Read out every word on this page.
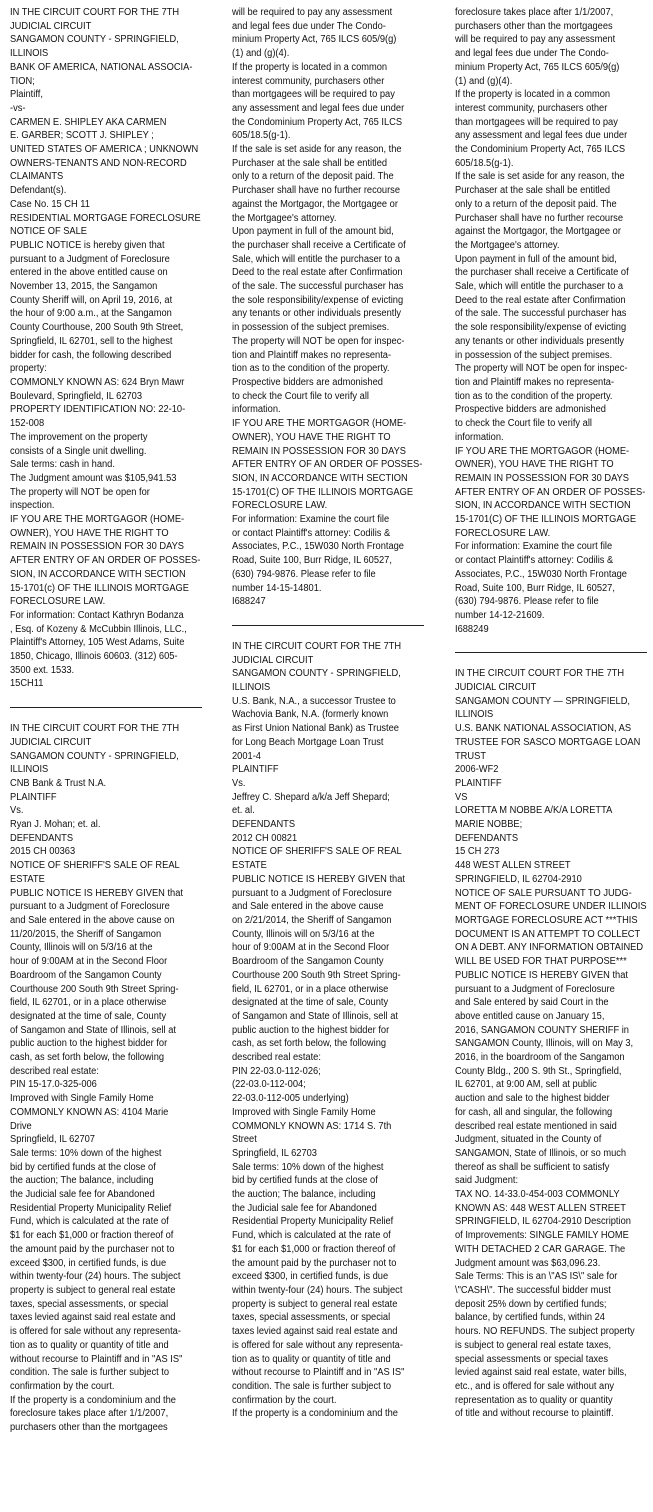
IN THE CIRCUIT COURT FOR THE 7TH

JUDICIAL CIRCUIT

SANGAMON COUNTY - SPRINGFIELD,

ILLINOIS

BANK OF AMERICA, NATIONAL ASSOCIA-

TION;

Plaintiff,

-vs-

CARMEN E. SHIPLEY AKA CARMEN

E. GARBER; SCOTT J. SHIPLEY ;

UNITED STATES OF AMERICA ; UNKNOWN

OWNERS-TENANTS AND NON-RECORD

CLAIMANTS

Defendant(s).

Case No. 15 CH 11

RESIDENTIAL MORTGAGE FORECLOSURE

NOTICE OF SALE

PUBLIC NOTICE is hereby given that

pursuant to a Judgment of Foreclosure

entered in the above entitled cause on

November 13, 2015, the Sangamon

County Sheriff will, on April 19, 2016, at

the hour of 9:00 a.m., at the Sangamon

County Courthouse, 200 South 9th Street,

Springfield, IL 62701, sell to the highest

bidder for cash, the following described

property:

COMMONLY KNOWN AS: 624 Bryn Mawr

Boulevard, Springfield, IL 62703

PROPERTY IDENTIFICATION NO: 22-10-

152-008

The improvement on the property

consists of a Single unit dwelling.

Sale terms: cash in hand.

The Judgment amount was $105,941.53

The property will NOT be open for

inspection.

IF YOU ARE THE MORTGAGOR (HOME-

OWNER), YOU HAVE THE RIGHT TO

REMAIN IN POSSESSION FOR 30 DAYS

AFTER ENTRY OF AN ORDER OF POSSES-

SION, IN ACCORDANCE WITH SECTION

15-1701(c) OF THE ILLINOIS MORTGAGE

FORECLOSURE LAW.

For information: Contact Kathryn Bodanza

, Esq. of Kozeny & McCubbin Illinois, LLC.,

Plaintiff's Attorney, 105 West Adams, Suite

1850, Chicago, Illinois 60603. (312) 605-

3500 ext. 1533.

15CH11

IN THE CIRCUIT COURT FOR THE 7TH

JUDICIAL CIRCUIT

SANGAMON COUNTY - SPRINGFIELD,

ILLINOIS

CNB Bank & Trust N.A.

PLAINTIFF

Vs.

Ryan J. Mohan; et. al.

DEFENDANTS

2015 CH 00363

NOTICE OF SHERIFF'S SALE OF REAL

ESTATE

PUBLIC NOTICE IS HEREBY GIVEN that

pursuant to a Judgment of Foreclosure

and Sale entered in the above cause on

11/20/2015, the Sheriff of Sangamon

County, Illinois will on 5/3/16 at the

hour of 9:00AM at in the Second Floor

Boardroom of the Sangamon County

Courthouse 200 South 9th Street Spring-

field, IL 62701, or in a place otherwise

designated at the time of sale, County

of Sangamon and State of Illinois, sell at

public auction to the highest bidder for

cash, as set forth below, the following

described real estate:

PIN 15-17.0-325-006

Improved with Single Family Home

COMMONLY KNOWN AS: 4104 Marie

Drive

Springfield, IL 62707

Sale terms: 10% down of the highest

bid by certified funds at the close of

the auction; The balance, including

the Judicial sale fee for Abandoned

Residential Property Municipality Relief

Fund, which is calculated at the rate of

$1 for each $1,000 or fraction thereof of

the amount paid by the purchaser not to

exceed $300, in certified funds, is due

within twenty-four (24) hours. The subject

property is subject to general real estate

taxes, special assessments, or special

taxes levied against said real estate and

is offered for sale without any representa-

tion as to quality or quantity of title and

without recourse to Plaintiff and in "AS IS"

condition. The sale is further subject to

confirmation by the court.

If the property is a condominium and the

foreclosure takes place after 1/1/2007,

purchasers other than the mortgagees

will be required to pay any assessment

and legal fees due under The Condo-

minium Property Act, 765 ILCS 605/9(g)

(1) and (g)(4).

If the property is located in a common

interest community, purchasers other

than mortgagees will be required to pay

any assessment and legal fees due under

the Condominium Property Act, 765 ILCS

605/18.5(g-1).

If the sale is set aside for any reason, the

Purchaser at the sale shall be entitled

only to a return of the deposit paid. The

Purchaser shall have no further recourse

against the Mortgagor, the Mortgagee or

the Mortgagee's attorney.

Upon payment in full of the amount bid,

the purchaser shall receive a Certificate of

Sale, which will entitle the purchaser to a

Deed to the real estate after Confirmation

of the sale. The successful purchaser has

the sole responsibility/expense of evicting

any tenants or other individuals presently

in possession of the subject premises.

The property will NOT be open for inspec-

tion and Plaintiff makes no representa-

tion as to the condition of the property.

Prospective bidders are admonished

to check the Court file to verify all

information.

IF YOU ARE THE MORTGAGOR (HOME-

OWNER), YOU HAVE THE RIGHT TO

REMAIN IN POSSESSION FOR 30 DAYS

AFTER ENTRY OF AN ORDER OF POSSES-

SION, IN ACCORDANCE WITH SECTION

15-1701(C) OF THE ILLINOIS MORTGAGE

FORECLOSURE LAW.

For information: Examine the court file

or contact Plaintiff's attorney: Codilis &

Associates, P.C., 15W030 North Frontage

Road, Suite 100, Burr Ridge, IL 60527,

(630) 794-9876. Please refer to file

number 14-15-14801.

I688247

IN THE CIRCUIT COURT FOR THE 7TH

JUDICIAL CIRCUIT

SANGAMON COUNTY - SPRINGFIELD,

ILLINOIS

U.S. Bank, N.A., a successor Trustee to

Wachovia Bank, N.A. (formerly known

as First Union National Bank) as Trustee

for Long Beach Mortgage Loan Trust

2001-4

PLAINTIFF

Vs.

Jeffrey C. Shepard a/k/a Jeff Shepard;

et. al.

DEFENDANTS

2012 CH 00821

NOTICE OF SHERIFF'S SALE OF REAL

ESTATE

PUBLIC NOTICE IS HEREBY GIVEN that

pursuant to a Judgment of Foreclosure

and Sale entered in the above cause

on 2/21/2014, the Sheriff of Sangamon

County, Illinois will on 5/3/16 at the

hour of 9:00AM at in the Second Floor

Boardroom of the Sangamon County

Courthouse 200 South 9th Street Spring-

field, IL 62701, or in a place otherwise

designated at the time of sale, County

of Sangamon and State of Illinois, sell at

public auction to the highest bidder for

cash, as set forth below, the following

described real estate:

PIN 22-03.0-112-026;

(22-03.0-112-004;

22-03.0-112-005 underlying)

Improved with Single Family Home

COMMONLY KNOWN AS: 1714 S. 7th

Street

Springfield, IL 62703

Sale terms: 10% down of the highest

bid by certified funds at the close of

the auction; The balance, including

the Judicial sale fee for Abandoned

Residential Property Municipality Relief

Fund, which is calculated at the rate of

$1 for each $1,000 or fraction thereof of

the amount paid by the purchaser not to

exceed $300, in certified funds, is due

within twenty-four (24) hours. The subject

property is subject to general real estate

taxes, special assessments, or special

taxes levied against said real estate and

is offered for sale without any representa-

tion as to quality or quantity of title and

without recourse to Plaintiff and in "AS IS"

condition. The sale is further subject to

confirmation by the court.

If the property is a condominium and the

foreclosure takes place after 1/1/2007,

purchasers other than the mortgagees

will be required to pay any assessment

and legal fees due under The Condo-

minium Property Act, 765 ILCS 605/9(g)

(1) and (g)(4).

If the property is located in a common

interest community, purchasers other

than mortgagees will be required to pay

any assessment and legal fees due under

the Condominium Property Act, 765 ILCS

605/18.5(g-1).

If the sale is set aside for any reason, the

Purchaser at the sale shall be entitled

only to a return of the deposit paid. The

Purchaser shall have no further recourse

against the Mortgagor, the Mortgagee or

the Mortgagee's attorney.

Upon payment in full of the amount bid,

the purchaser shall receive a Certificate of

Sale, which will entitle the purchaser to a

Deed to the real estate after Confirmation

of the sale. The successful purchaser has

the sole responsibility/expense of evicting

any tenants or other individuals presently

in possession of the subject premises.

The property will NOT be open for inspec-

tion and Plaintiff makes no representa-

tion as to the condition of the property.

Prospective bidders are admonished

to check the Court file to verify all

information.

IF YOU ARE THE MORTGAGOR (HOME-

OWNER), YOU HAVE THE RIGHT TO

REMAIN IN POSSESSION FOR 30 DAYS

AFTER ENTRY OF AN ORDER OF POSSES-

SION, IN ACCORDANCE WITH SECTION

15-1701(C) OF THE ILLINOIS MORTGAGE

FORECLOSURE LAW.

For information: Examine the court file

or contact Plaintiff's attorney: Codilis &

Associates, P.C., 15W030 North Frontage

Road, Suite 100, Burr Ridge, IL 60527,

(630) 794-9876. Please refer to file

number 14-12-21609.

I688249

IN THE CIRCUIT COURT FOR THE 7TH

JUDICIAL CIRCUIT

SANGAMON COUNTY — SPRINGFIELD,

ILLINOIS

U.S. BANK NATIONAL ASSOCIATION, AS

TRUSTEE FOR SASCO MORTGAGE LOAN

TRUST

2006-WF2

PLAINTIFF

VS

LORETTA M NOBBE A/K/A LORETTA

MARIE NOBBE;

DEFENDANTS

15 CH 273

448 WEST ALLEN STREET

SPRINGFIELD, IL 62704-2910

NOTICE OF SALE PURSUANT TO JUDG-

MENT OF FORECLOSURE UNDER ILLINOIS

MORTGAGE FORECLOSURE ACT ***THIS

DOCUMENT IS AN ATTEMPT TO COLLECT

ON A DEBT. ANY INFORMATION OBTAINED

WILL BE USED FOR THAT PURPOSE***

PUBLIC NOTICE IS HEREBY GIVEN that

pursuant to a Judgment of Foreclosure

and Sale entered by said Court in the

above entitled cause on January 15,

2016, SANGAMON COUNTY SHERIFF in

SANGAMON County, Illinois, will on May 3,

2016, in the boardroom of the Sangamon

County Bldg., 200 S. 9th St., Springfield,

IL 62701, at 9:00 AM, sell at public

auction and sale to the highest bidder

for cash, all and singular, the following

described real estate mentioned in said

Judgment, situated in the County of

SANGAMON, State of Illinois, or so much

thereof as shall be sufficient to satisfy

said Judgment:

TAX NO. 14-33.0-454-003 COMMONLY

KNOWN AS: 448 WEST ALLEN STREET

SPRINGFIELD, IL 62704-2910 Description

of Improvements: SINGLE FAMILY HOME

WITH DETACHED 2 CAR GARAGE. The

Judgment amount was $63,096.23.

Sale Terms: This is an \"AS IS\" sale for

\"CASH\". The successful bidder must

deposit 25% down by certified funds;

balance, by certified funds, within 24

hours. NO REFUNDS. The subject property

is subject to general real estate taxes,

special assessments or special taxes

levied against said real estate, water bills,

etc., and is offered for sale without any

representation as to quality or quantity

of title and without recourse to plaintiff.
